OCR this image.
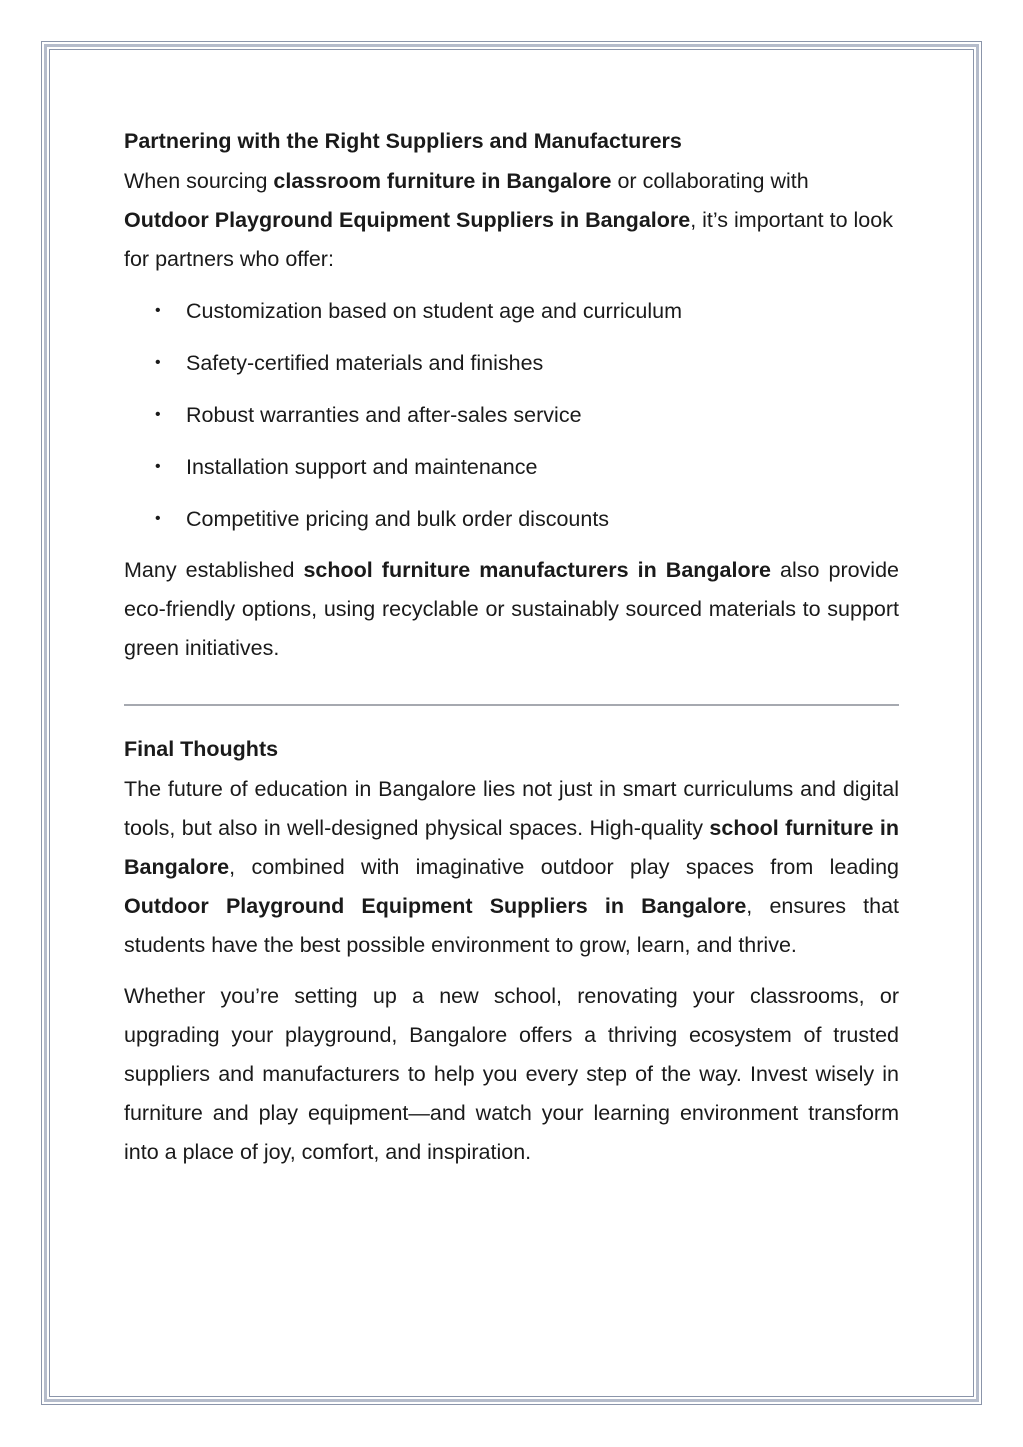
Partnering with the Right Suppliers and Manufacturers

When sourcing classroom furniture in Bangalore or collaborating with Outdoor Playground Equipment Suppliers in Bangalore, it’s important to look for partners who offer:

• Customization based on student age and curriculum
• Safety-certified materials and finishes
• Robust warranties and after-sales service
• Installation support and maintenance
• Competitive pricing and bulk order discounts

Many established school furniture manufacturers in Bangalore also provide eco-friendly options, using recyclable or sustainably sourced materials to support green initiatives.

Final Thoughts

The future of education in Bangalore lies not just in smart curriculums and digital tools, but also in well-designed physical spaces. High-quality school furniture in Bangalore, combined with imaginative outdoor play spaces from leading Outdoor Playground Equipment Suppliers in Bangalore, ensures that students have the best possible environment to grow, learn, and thrive.

Whether you’re setting up a new school, renovating your classrooms, or upgrading your playground, Bangalore offers a thriving ecosystem of trusted suppliers and manufacturers to help you every step of the way. Invest wisely in furniture and play equipment—and watch your learning environment transform into a place of joy, comfort, and inspiration.
